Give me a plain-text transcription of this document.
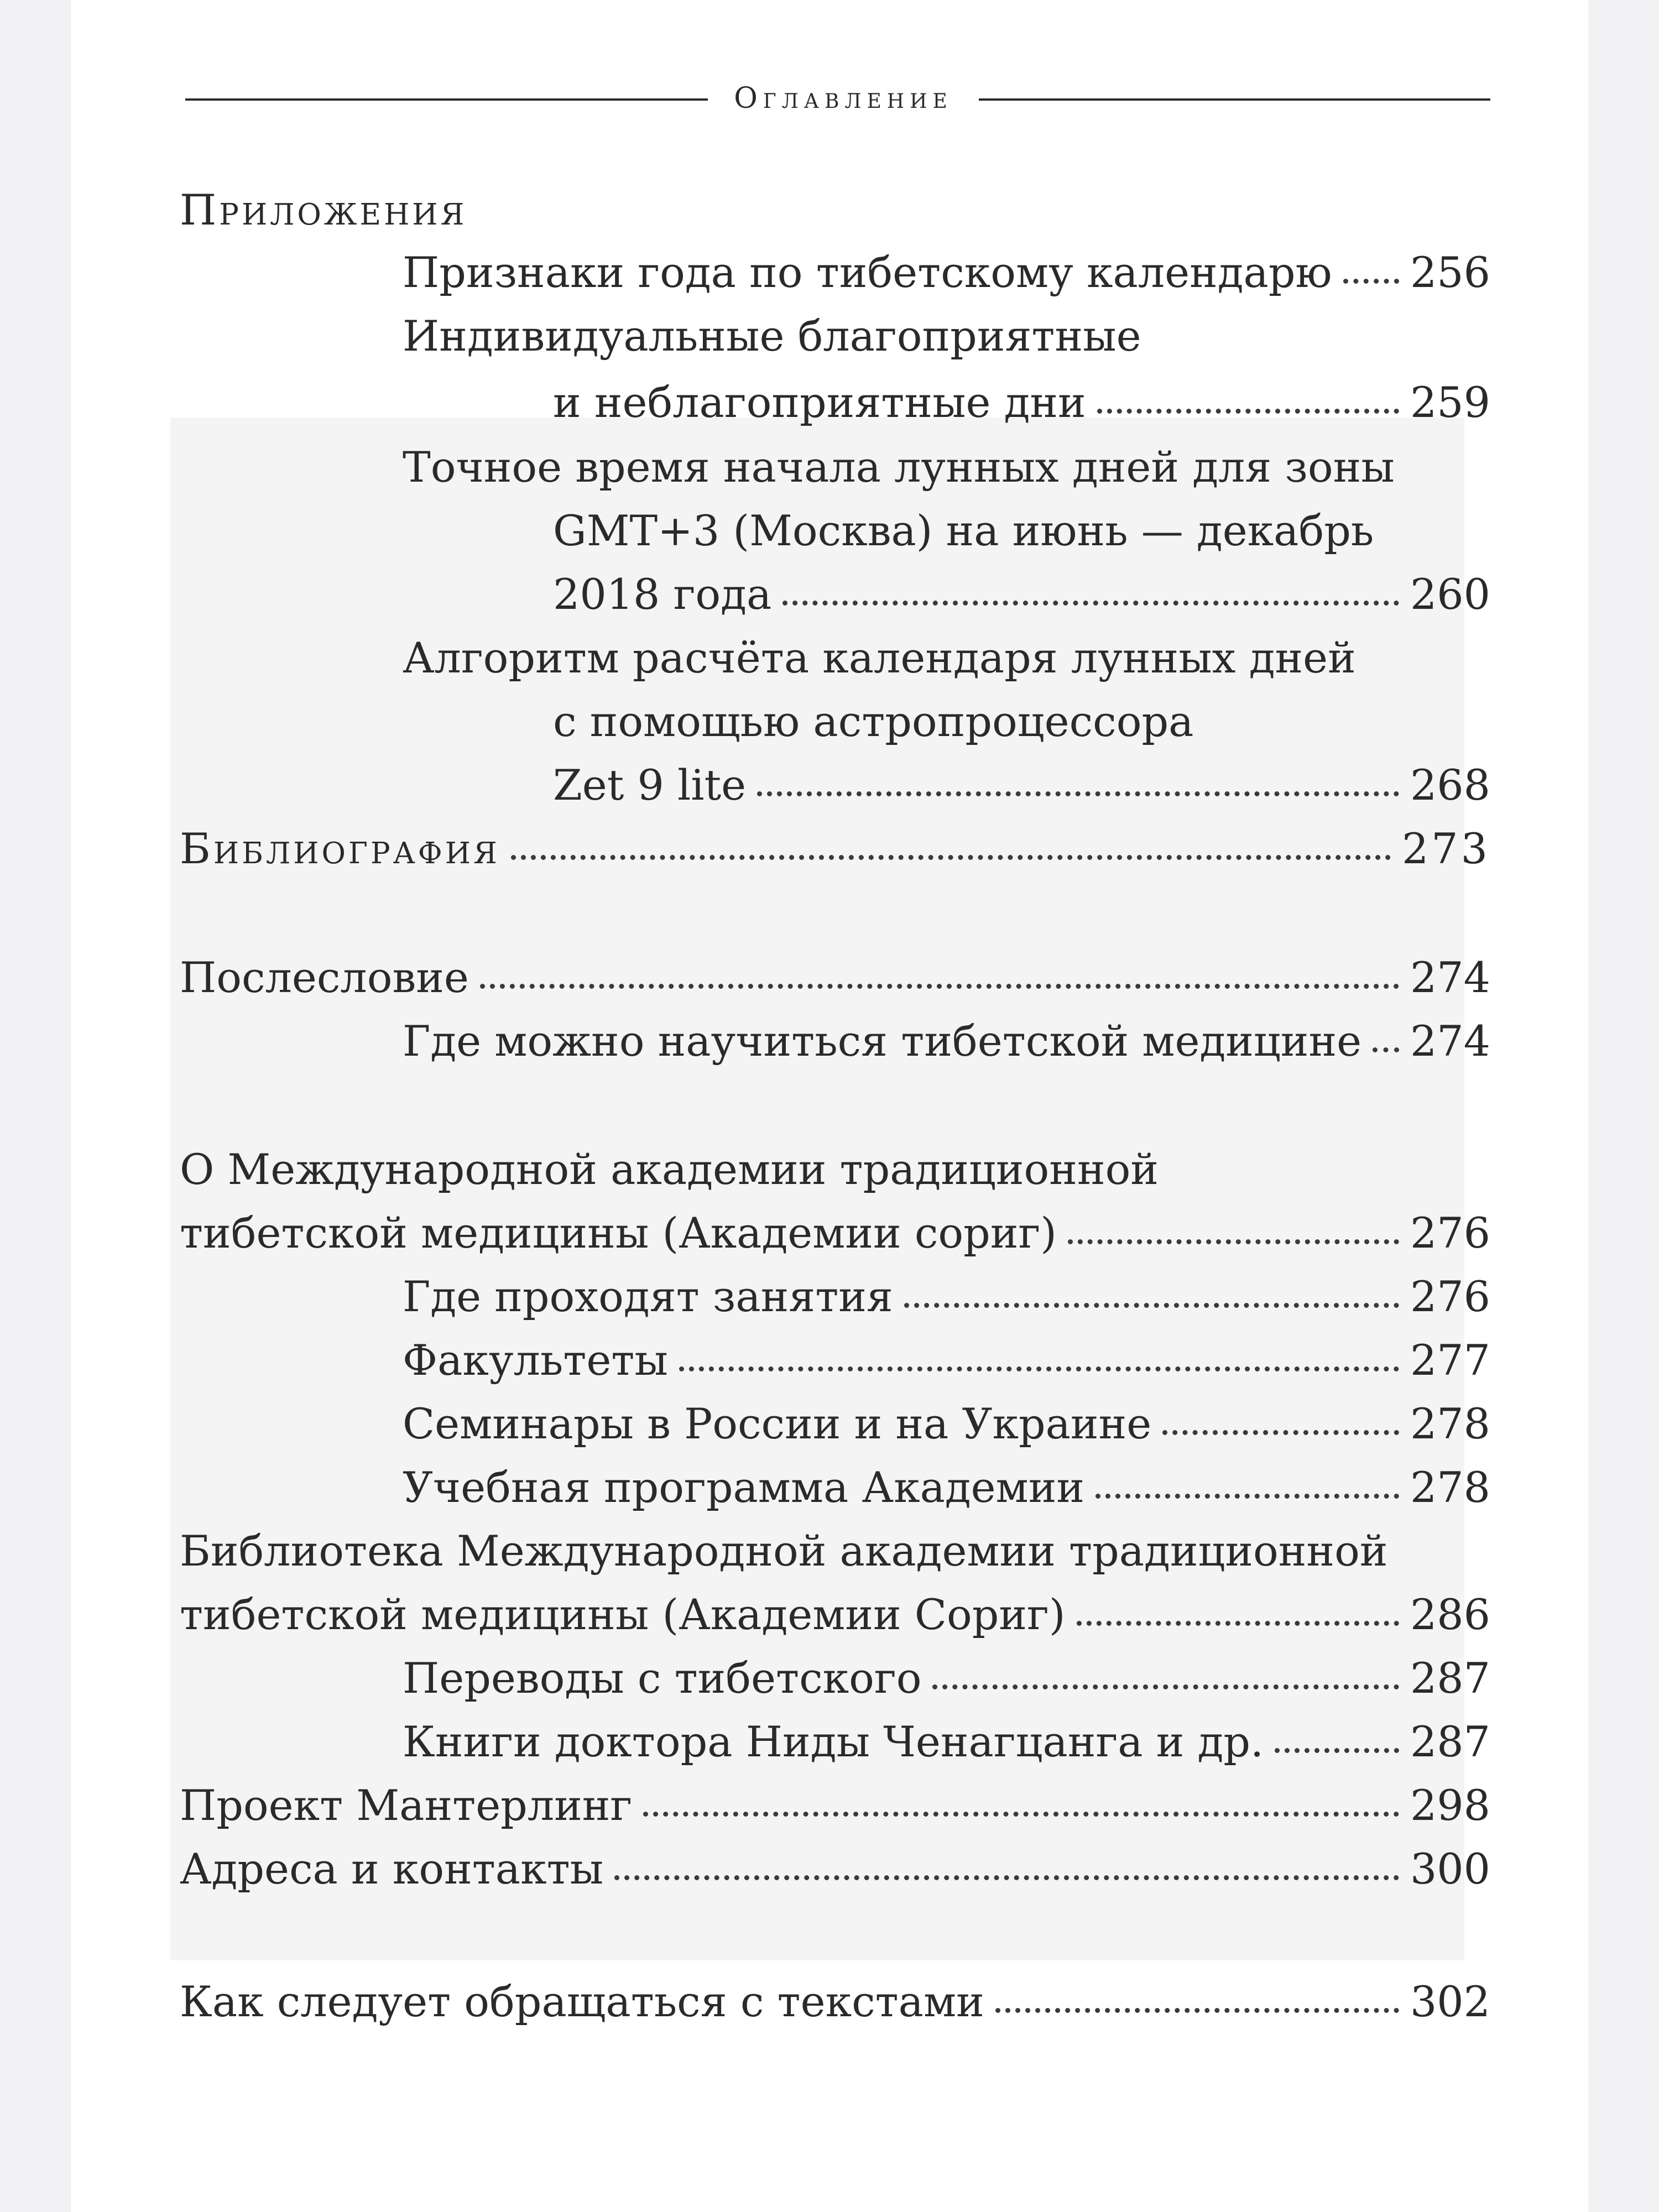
Оглавление
Приложения
Признаки года по тибетскому календарю 256
Индивидуальные благоприятные
и неблагоприятные дни	259
Точное время начала лунных дней для зоны
GMT+3 (Москва) на июнь — декабрь
2018 года	260
Алгоритм расчёта календаря лунных дней
с помощью астропроцессора
Zet 9 lite	268
Библиография	273
Послесловие	274
Где можно научиться тибетской медицине 274
О Международной академии традиционной
тибетской медицины (Академии сориг)	276
Где проходят занятия	276
Факультеты	277
Семинары в России и на Украине	278
Учебная программа Академии	278
Библиотека Международной академии традиционной
тибетской медицины (Академии Сориг)	286
Переводы с тибетского	287
Книги доктора Ниды Ченагцанга и др.	287
Проект Мантерлинг	298
Адреса и контакты	300
Как следует обращаться с текстами	302
